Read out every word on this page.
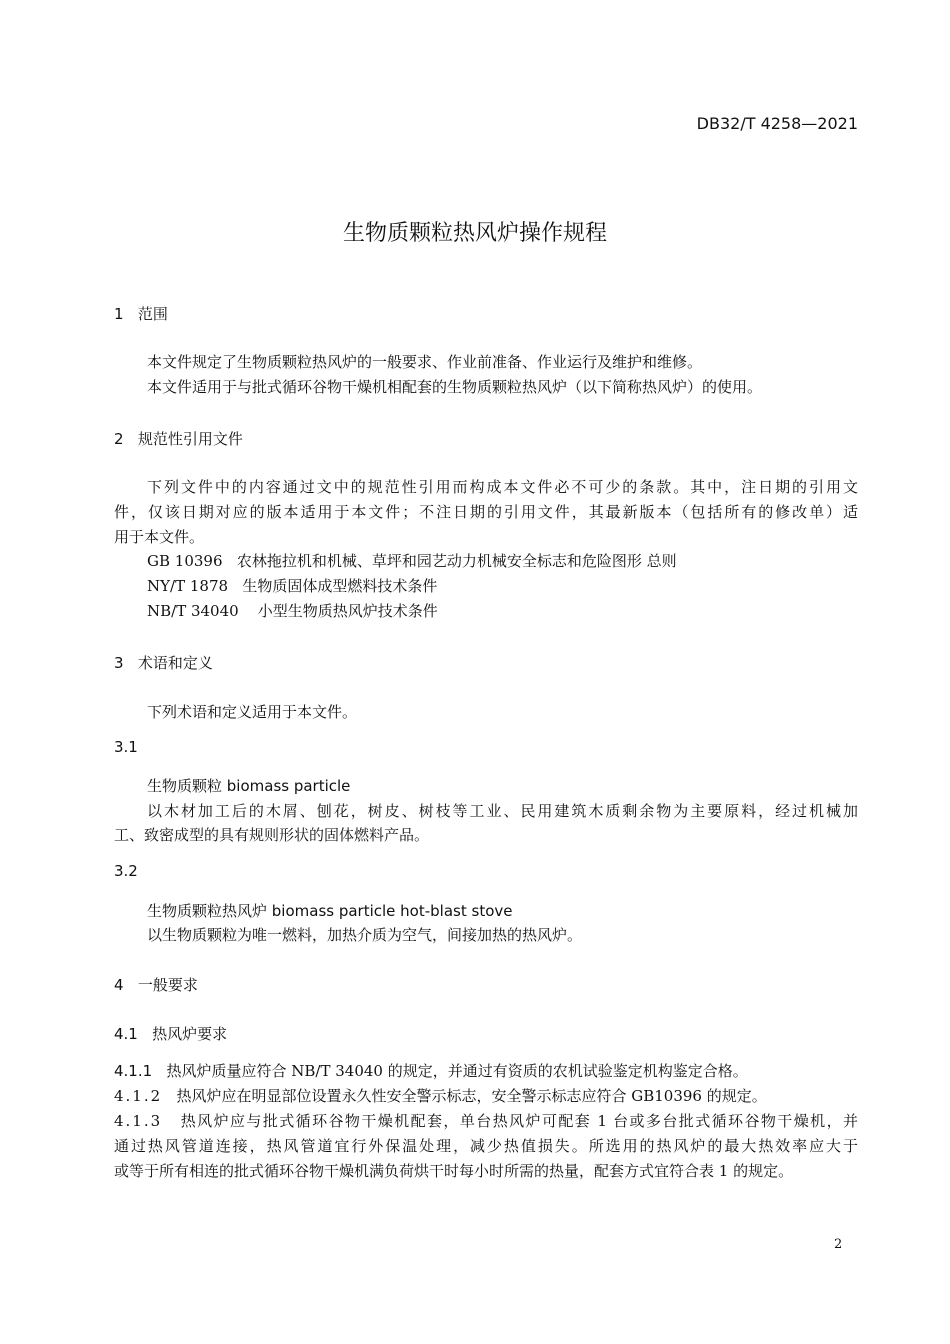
DB32/T 4258—2021
生物质颗粒热风炉操作规程
1 范围
本文件规定了生物质颗粒热风炉的一般要求、作业前准备、作业运行及维护和维修。
本文件适用于与批式循环谷物干燥机相配套的生物质颗粒热风炉（以下简称热风炉）的使用。
2 规范性引用文件
下列文件中的内容通过文中的规范性引用而构成本文件必不可少的条款。其中，注日期的引用文
件，仅该日期对应的版本适用于本文件；不注日期的引用文件，其最新版本（包括所有的修改单）适
用于本文件。
GB 10396 农林拖拉机和机械、草坪和园艺动力机械安全标志和危险图形 总则
NY/T 1878 生物质固体成型燃料技术条件
NB/T 34040 小型生物质热风炉技术条件
3 术语和定义
下列术语和定义适用于本文件。
3.1
生物质颗粒 biomass particle
以木材加工后的木屑、刨花，树皮、树枝等工业、民用建筑木质剩余物为主要原料，经过机械加
工、致密成型的具有规则形状的固体燃料产品。
3.2
生物质颗粒热风炉 biomass particle hot-blast stove
以生物质颗粒为唯一燃料，加热介质为空气，间接加热的热风炉。
4 一般要求
4.1 热风炉要求
4.1.1 热风炉质量应符合 NB/T 34040 的规定，并通过有资质的农机试验鉴定机构鉴定合格。
4.1.2 热风炉应在明显部位设置永久性安全警示标志，安全警示标志应符合 GB10396 的规定。
4.1.3 热风炉应与批式循环谷物干燥机配套，单台热风炉可配套 1 台或多台批式循环谷物干燥机，并
通过热风管道连接，热风管道宜行外保温处理，减少热值损失。所选用的热风炉的最大热效率应大于
或等于所有相连的批式循环谷物干燥机满负荷烘干时每小时所需的热量，配套方式宜符合表 1 的规定。
2
